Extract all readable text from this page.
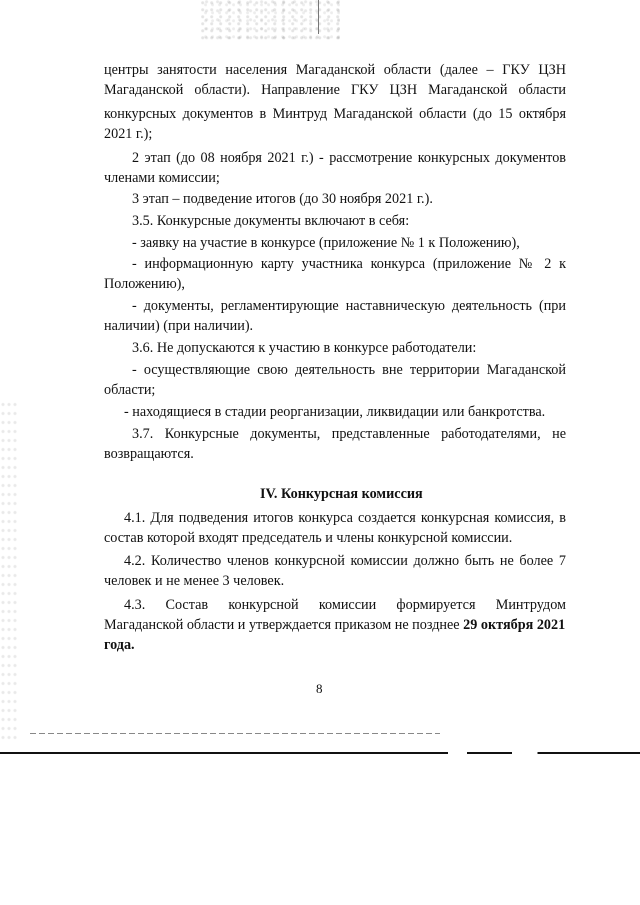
центры занятости населения Магаданской области (далее – ГКУ ЦЗН
Магаданской области). Направление ГКУ ЦЗН Магаданской области
конкурсных документов в Минтруд Магаданской области (до 15 октября
2021 г.);
2 этап (до 08 ноября 2021 г.) - рассмотрение конкурсных документов
членами комиссии;
3 этап – подведение итогов (до 30 ноября 2021 г.).
3.5. Конкурсные документы включают в себя:
- заявку на участие в конкурсе (приложение № 1 к Положению),
- информационную карту участника конкурса (приложение № 2 к
Положению),
- документы, регламентирующие наставническую деятельность (при
наличии) (при наличии).
3.6. Не допускаются к участию в конкурсе работодатели:
- осуществляющие свою деятельность вне территории Магаданской
области;
- находящиеся в стадии реорганизации, ликвидации или банкротства.
3.7. Конкурсные документы, представленные работодателями, не
возвращаются.
IV. Конкурсная комиссия
4.1. Для подведения итогов конкурса создается конкурсная комиссия, в
состав которой входят председатель и члены конкурсной комиссии.
4.2. Количество членов конкурсной комиссии должно быть не более 7
человек и не менее 3 человек.
4.3. Состав конкурсной комиссии формируется Минтрудом
Магаданской области и утверждается приказом не позднее 29 октября 2021
года.
8
